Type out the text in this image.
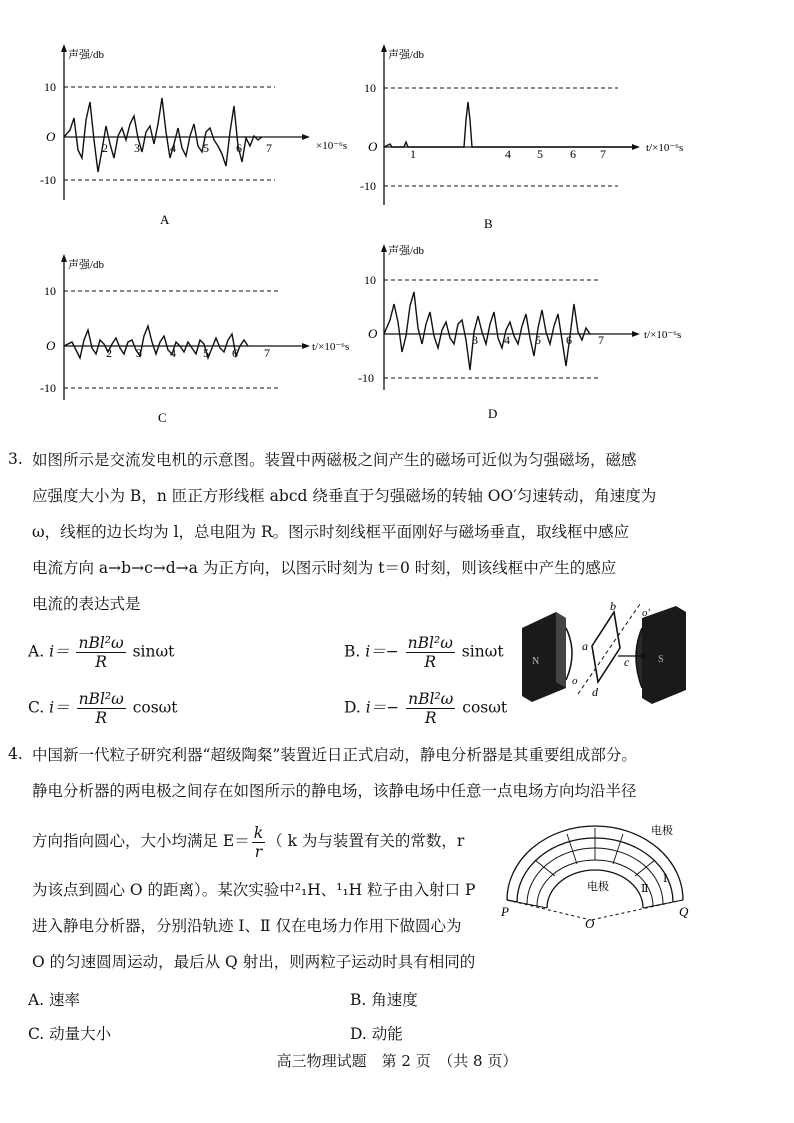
声强/db
10
O
-10
2 3	4 5 6 7	×10⁻⁶s
A
声强/db
10
O
-10
1	4 5 6 7	t/×10⁻⁶s
B
声强/db
10
O
-10
2 3 4 5 6 7	t/×10⁻⁶s
C
声强/db
10
O
-10
3 4 5 6 7	t/×10⁻⁶s
D
3. 如图所示是交流发电机的示意图。装置中两磁极之间产生的磁场可近似为匀强磁场，磁感
应强度大小为 B，n 匝正方形线框 abcd 绕垂直于匀强磁场的转轴 OO′匀速转动，角速度为
ω，线框的边长均为 l，总电阻为 R。图示时刻线框平面刚好与磁场垂直，取线框中感应
电流方向 a→b→c→d→a 为正方向，以图示时刻为 t＝0 时刻，则该线框中产生的感应
电流的表达式是
A. $i= \frac{\text{nBl²ω}}{R}$ sinωt	B. $i=- \frac{\text{nBl²ω}}{R}$ sinωt
C. $i= \frac{\text{nBl²ω}}{R}$ cosωt	D. $i=- \frac{\text{nBl²ω}}{R}$ cosωt
N	S
a
b
c
d
o′
o
4. 中国新一代粒子研究利器“超级陶粲”装置近日正式启动，静电分析器是其重要组成部分。
静电分析器的两电极之间存在如图所示的静电场，该静电场中任意一点电场方向均沿半径
方向指向圆心，大小均满足 $E= \frac{k}{r}$ （ k 为与装置有关的常数，r
为该点到圆心 O 的距离）。某次实验中²₁H、¹₁H 粒子由入射口 P
进入静电分析器，分别沿轨迹 Ⅰ、Ⅱ 仅在电场力作用下做圆心为
O 的匀速圆周运动，最后从 Q 射出，则两粒子运动时具有相同的
A. 速率	B. 角速度
C. 动量大小	D. 动能
电极
电极
Ⅰ
Ⅱ
P	Q
O
高三物理试题　第 2 页　（共 8 页）
